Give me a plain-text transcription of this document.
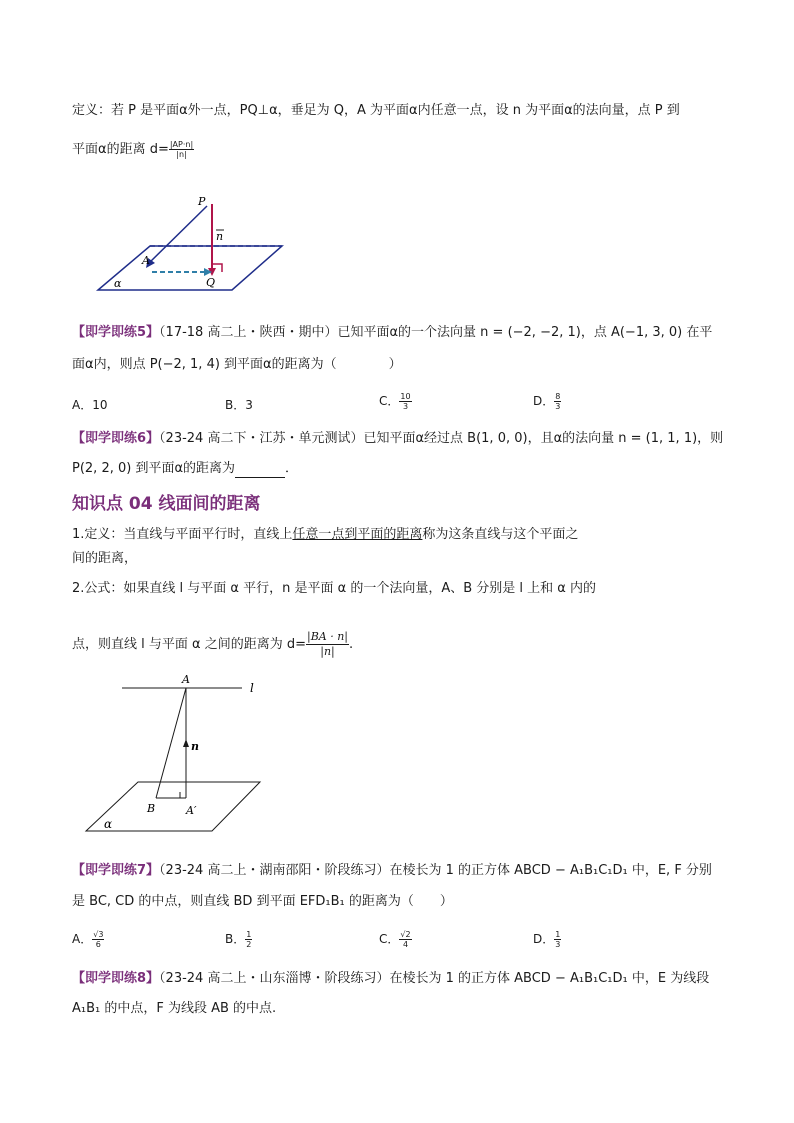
定义：若 P 是平面α外一点，PQ⊥α，垂足为 Q，A 为平面α内任意一点，设 n 为平面α的法向量，点 P 到
平面α的距离 $d= \frac{|AP\cdot n|}{|n|}$
P
n
A
Q
α
【即学即练5】（17-18 高二上・陕西・期中）已知平面α的一个法向量 n = (−2, −2, 1)，点 A(−1, 3, 0) 在平
面α内，则点 P(−2, 1, 4) 到平面α的距离为（　　　　）
A．10	B．3	C． $\frac{10}{3}$	D． $\frac{8}{3}$
【即学即练6】（23-24 高二下・江苏・单元测试）已知平面α经过点 B(1, 0, 0)，且α的法向量 n = (1, 1, 1)，则
P(2, 2, 0) 到平面α的距离为	．
知识点 04 线面间的距离
1.定义：当直线与平面平行时，直线上任意一点到平面的距离称为这条直线与这个平面之
间的距离，
2.公式：如果直线 l 与平面 α 平行，n 是平面 α 的一个法向量，A、B 分别是 l 上和 α 内的
点，则直线 l 与平面 α 之间的距离为 $d= \frac{|BA \cdot n|}{|n|}$ .
A
l
n
B	A′
α
【即学即练7】（23-24 高二上・湖南邵阳・阶段练习）在棱长为 1 的正方体 ABCD − A₁B₁C₁D₁ 中，E, F 分别
是 BC, CD 的中点，则直线 BD 到平面 EFD₁B₁ 的距离为（　　）
A． $\frac{√3}{6}$	B． $\frac{1}{2}$	C． $\frac{√2}{4}$	D． $\frac{1}{3}$
【即学即练8】（23-24 高二上・山东淄博・阶段练习）在棱长为 1 的正方体 ABCD − A₁B₁C₁D₁ 中，E 为线段
A₁B₁ 的中点，F 为线段 AB 的中点.
